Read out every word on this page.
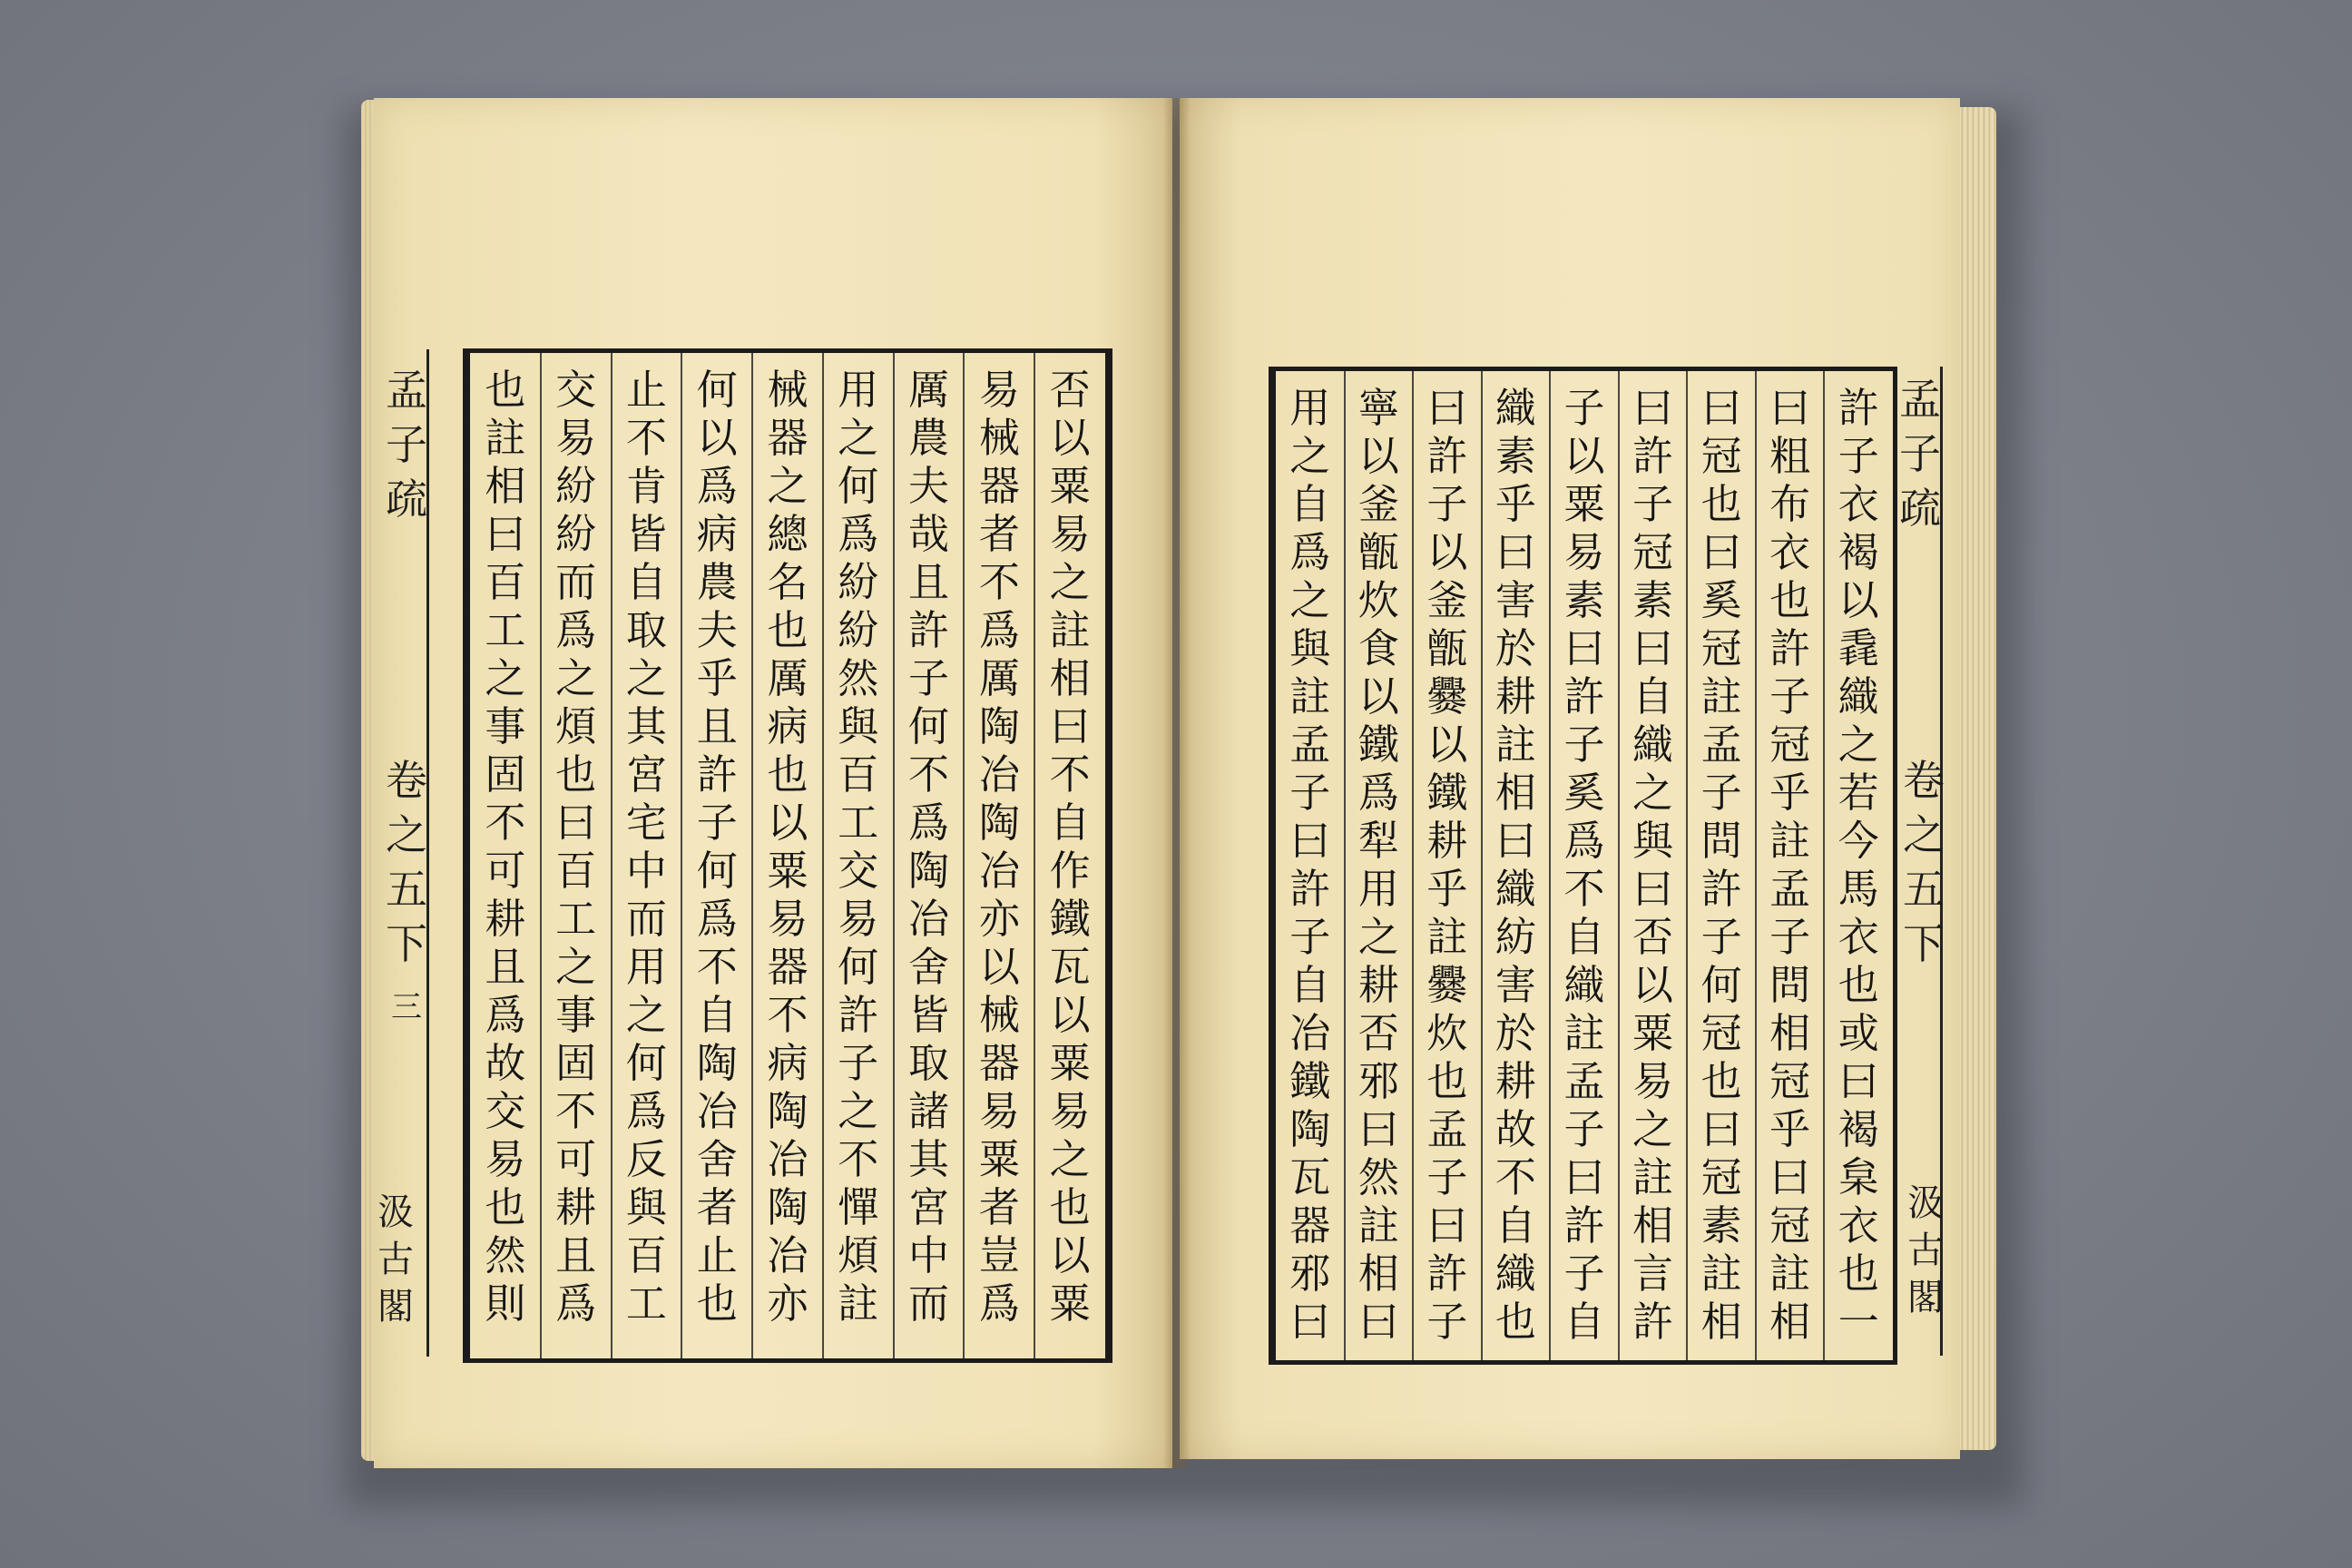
孟
子
疏
卷
之
五
下
三
汲
古
閣
孟
子
疏
卷
之
五
下
汲
古
閣
否
以
粟
易
之
註
相
曰
不
自
作
鐵
瓦
以
粟
易
之
也
以
粟
易
械
器
者
不
爲
厲
陶
冶
陶
冶
亦
以
械
器
易
粟
者
豈
爲
厲
農
夫
哉
且
許
子
何
不
爲
陶
冶
舍
皆
取
諸
其
宮
中
而
用
之
何
爲
紛
紛
然
與
百
工
交
易
何
許
子
之
不
憚
煩
註
械
器
之
總
名
也
厲
病
也
以
粟
易
器
不
病
陶
冶
陶
冶
亦
何
以
爲
病
農
夫
乎
且
許
子
何
爲
不
自
陶
冶
舍
者
止
也
止
不
肯
皆
自
取
之
其
宮
宅
中
而
用
之
何
爲
反
與
百
工
交
易
紛
紛
而
爲
之
煩
也
曰
百
工
之
事
固
不
可
耕
且
爲
也
註
相
曰
百
工
之
事
固
不
可
耕
且
爲
故
交
易
也
然
則
許
子
衣
褐
以
毳
織
之
若
今
馬
衣
也
或
曰
褐
枲
衣
也
一
曰
粗
布
衣
也
許
子
冠
乎
註
孟
子
問
相
冠
乎
曰
冠
註
相
曰
冠
也
曰
奚
冠
註
孟
子
問
許
子
何
冠
也
曰
冠
素
註
相
曰
許
子
冠
素
曰
自
織
之
與
曰
否
以
粟
易
之
註
相
言
許
子
以
粟
易
素
曰
許
子
奚
爲
不
自
織
註
孟
子
曰
許
子
自
織
素
乎
曰
害
於
耕
註
相
曰
織
紡
害
於
耕
故
不
自
織
也
曰
許
子
以
釜
甑
爨
以
鐵
耕
乎
註
爨
炊
也
孟
子
曰
許
子
寧
以
釜
甑
炊
食
以
鐵
爲
犁
用
之
耕
否
邪
曰
然
註
相
曰
用
之
自
爲
之
與
註
孟
子
曰
許
子
自
冶
鐵
陶
瓦
器
邪
曰
